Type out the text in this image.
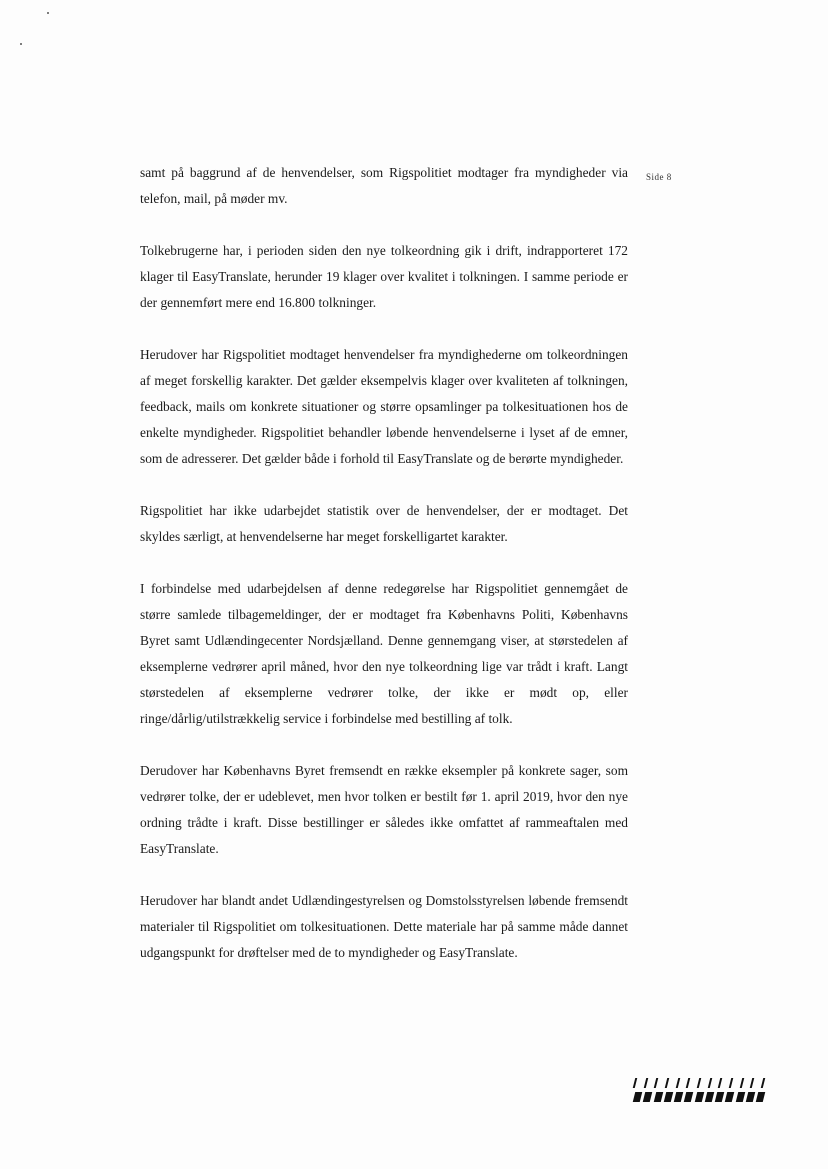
Side 8

samt på baggrund af de henvendelser, som Rigspolitiet modtager fra myndigheder via telefon, mail, på møder mv.

Tolkebrugerne har, i perioden siden den nye tolkeordning gik i drift, indrapporteret 172 klager til EasyTranslate, herunder 19 klager over kvalitet i tolkningen. I samme periode er der gennemført mere end 16.800 tolkninger.

Herudover har Rigspolitiet modtaget henvendelser fra myndighederne om tolkeordningen af meget forskellig karakter. Det gælder eksempelvis klager over kvaliteten af tolkningen, feedback, mails om konkrete situationer og større opsamlinger pa tolkesituationen hos de enkelte myndigheder. Rigspolitiet behandler løbende henvendelserne i lyset af de emner, som de adresserer. Det gælder både i forhold til EasyTranslate og de berørte myndigheder.

Rigspolitiet har ikke udarbejdet statistik over de henvendelser, der er modtaget. Det skyldes særligt, at henvendelserne har meget forskelligartet karakter.

I forbindelse med udarbejdelsen af denne redegørelse har Rigspolitiet gennemgået de større samlede tilbagemeldinger, der er modtaget fra Københavns Politi, Københavns Byret samt Udlændingecenter Nordsjælland. Denne gennemgang viser, at størstedelen af eksemplerne vedrører april måned, hvor den nye tolkeordning lige var trådt i kraft. Langt størstedelen af eksemplerne vedrører tolke, der ikke er mødt op, eller ringe/dårlig/utilstrækkelig service i forbindelse med bestilling af tolk.

Derudover har Københavns Byret fremsendt en række eksempler på konkrete sager, som vedrører tolke, der er udeblevet, men hvor tolken er bestilt før 1. april 2019, hvor den nye ordning trådte i kraft. Disse bestillinger er således ikke omfattet af rammeaftalen med EasyTranslate.

Herudover har blandt andet Udlændingestyrelsen og Domstolsstyrelsen løbende fremsendt materialer til Rigspolitiet om tolkesituationen. Dette materiale har på samme måde dannet udgangspunkt for drøftelser med de to myndigheder og EasyTranslate.
